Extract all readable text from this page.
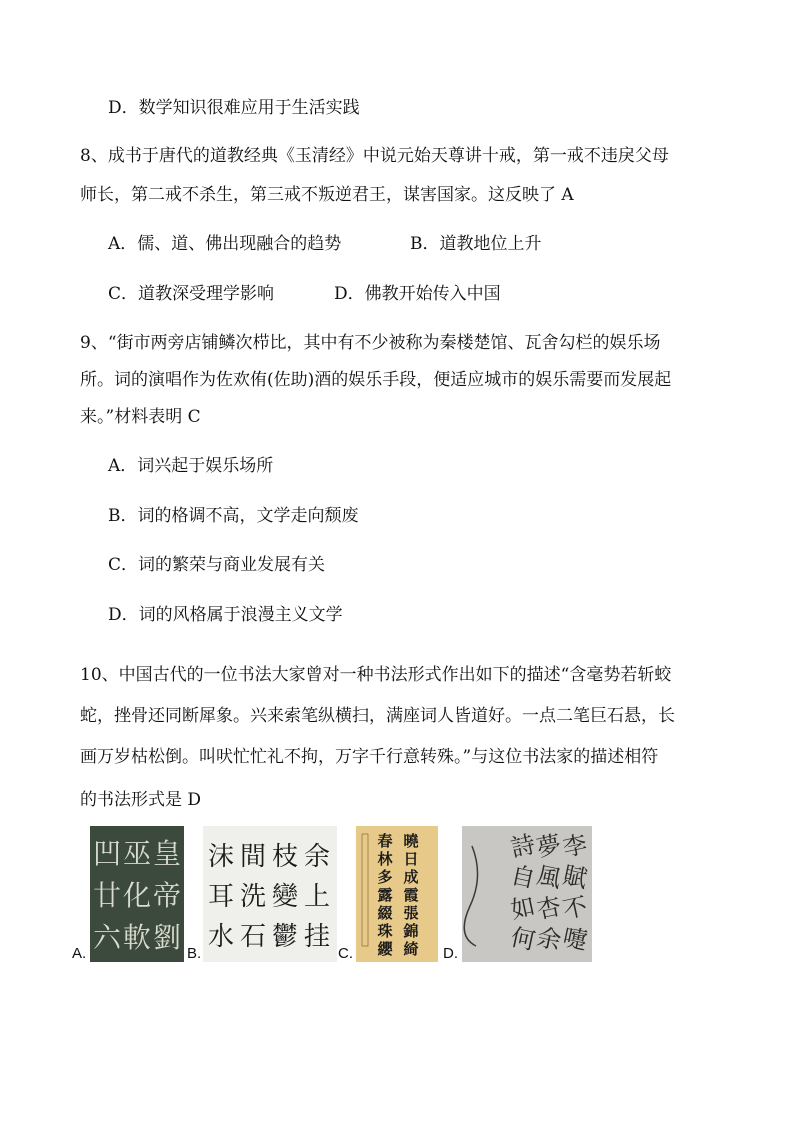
D．数学知识很难应用于生活实践
8、成书于唐代的道教经典《玉清经》中说元始天尊讲十戒，第一戒不违戾父母
师长，第二戒不杀生，第三戒不叛逆君王，谋害国家。这反映了 A
A．儒、道、佛出现融合的趋势	B．道教地位上升
C．道教深受理学影响	D．佛教开始传入中国
9、“街市两旁店铺鳞次栉比，其中有不少被称为秦楼楚馆、瓦舍勾栏的娱乐场
所。词的演唱作为佐欢侑(佐助)酒的娱乐手段，便适应城市的娱乐需要而发展起
来。”材料表明 C
A．词兴起于娱乐场所
B．词的格调不高，文学走向颓废
C．词的繁荣与商业发展有关
D．词的风格属于浪漫主义文学
10、中国古代的一位书法大家曾对一种书法形式作出如下的描述“含毫势若斩蛟
蛇，挫骨还同断犀象。兴来索笔纵横扫，满座词人皆道好。一点二笔巨石悬，长
画万岁枯松倒。叫吠忙忙礼不拘，万字千行意转殊。”与这位书法家的描述相符
的书法形式是 D
A.
皇
帝
劉
巫
化
軟
凹
廿
六	B.
余
上
挂
枝
變
鬱
間
洗
石
沫
耳
水
C.
曉
日
成
霞
張
錦
綺
春
林
多
露
綴
珠
纓	D.
李
賦
不
嚏
夢
風
杏
余
詩
自
如
何
